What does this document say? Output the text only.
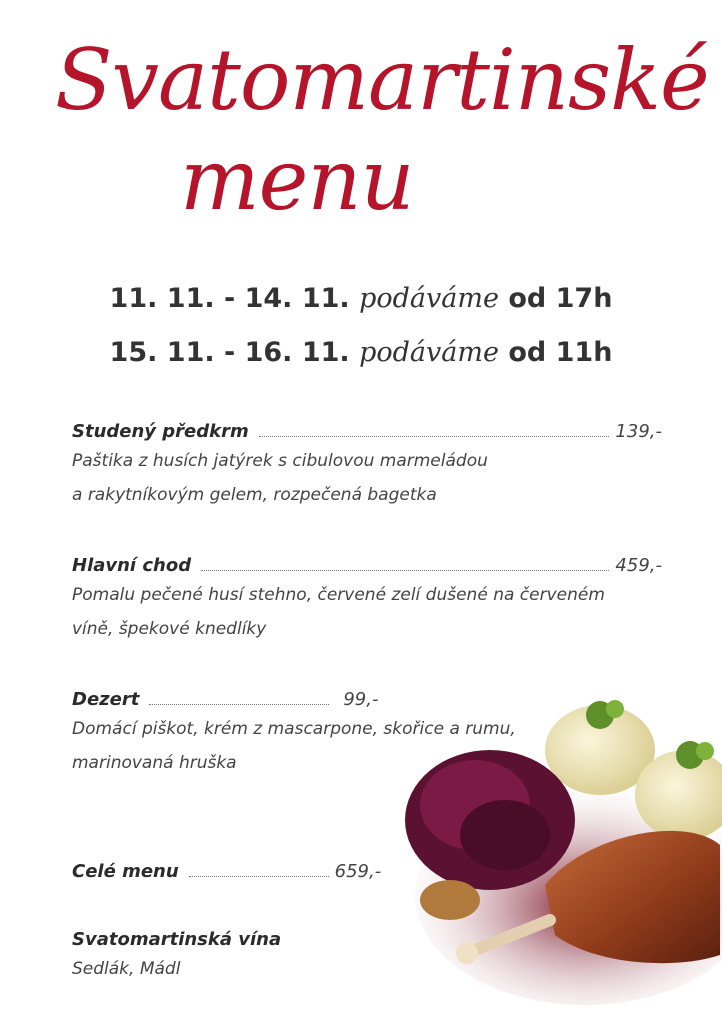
Svatomartinské
menu
11. 11. - 14. 11. podáváme od 17h
15. 11. - 16. 11. podáváme od 11h
Studený předkrm	139,-
Paštika z husích jatýrek s cibulovou marmeládou
a rakytníkovým gelem, rozpečená bagetka
Hlavní chod	459,-
Pomalu pečené husí stehno, červené zelí dušené na červeném
víně, špekové knedlíky
Dezert	99,-
Domácí piškot, krém z mascarpone, skořice a rumu,
marinovaná hruška
Celé menu	659,-
Svatomartinská vína
Sedlák, Mádl
